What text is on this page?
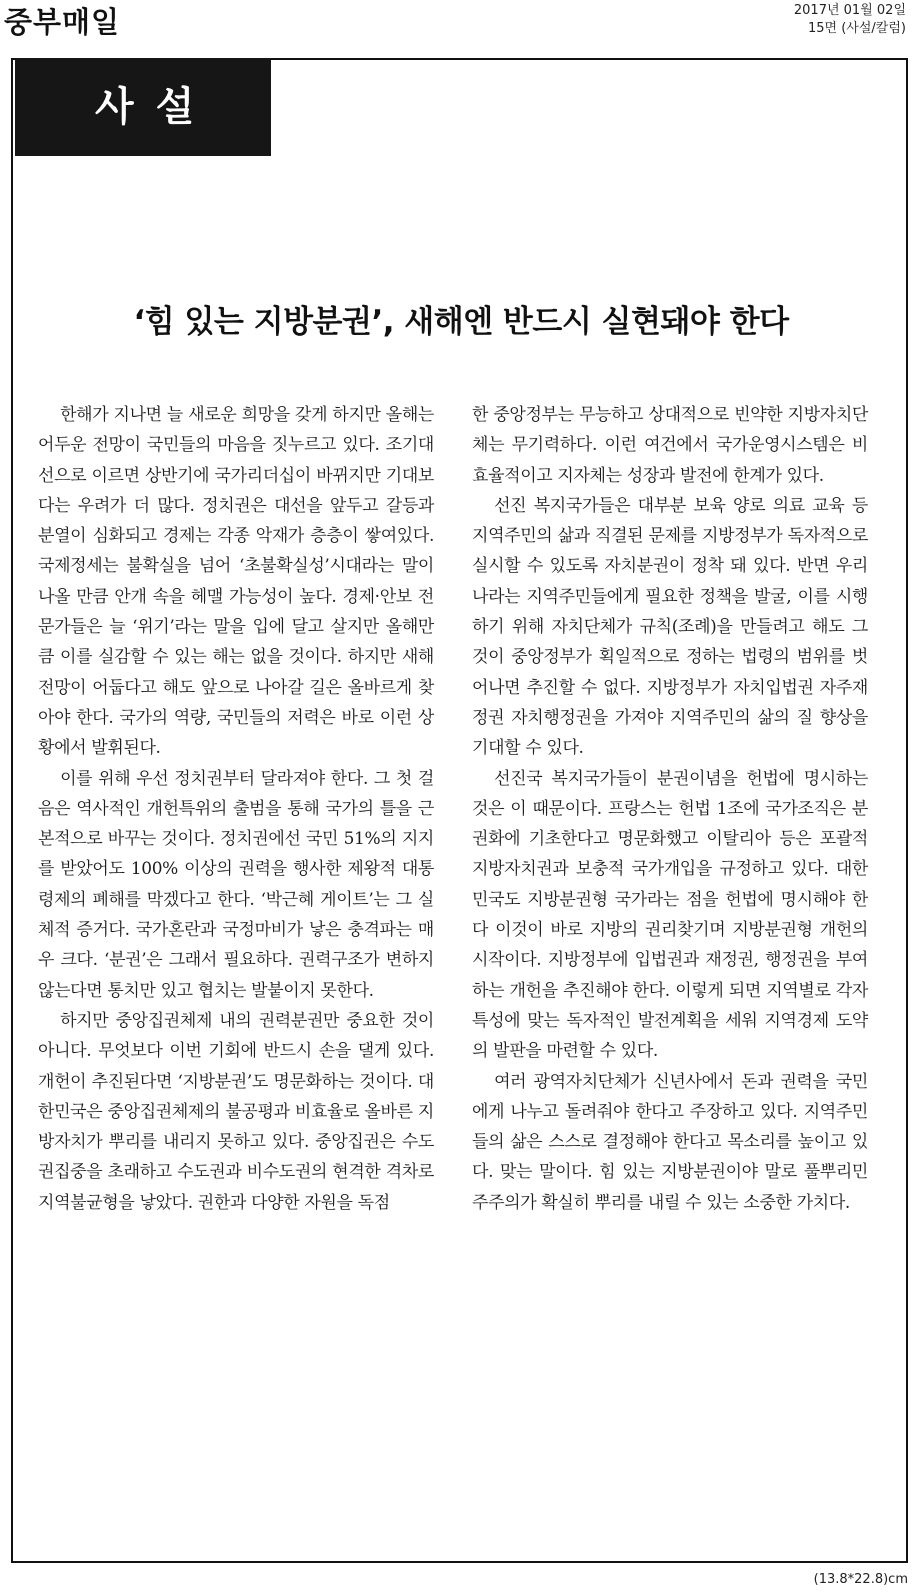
중부매일	2017년 01월 02일
15면 (사설/칼럼)
사설
‘힘 있는 지방분권’, 새해엔 반드시 실현돼야 한다

한해가 지나면 늘 새로운 희망을 갖게 하지만 올해는 어두운 전망이 국민들의 마음을 짓누르고 있다. 조기대선으로 이르면 상반기에 국가리더십이 바뀌지만 기대보다는 우려가 더 많다. 정치권은 대선을 앞두고 갈등과 분열이 심화되고 경제는 각종 악재가 층층이 쌓여있다. 국제정세는 불확실을 넘어 ‘초불확실성’시대라는 말이 나올 만큼 안개 속을 헤맬 가능성이 높다. 경제·안보 전문가들은 늘 ‘위기’라는 말을 입에 달고 살지만 올해만큼 이를 실감할 수 있는 해는 없을 것이다. 하지만 새해 전망이 어둡다고 해도 앞으로 나아갈 길은 올바르게 찾아야 한다. 국가의 역량, 국민들의 저력은 바로 이런 상황에서 발휘된다.

이를 위해 우선 정치권부터 달라져야 한다. 그 첫 걸음은 역사적인 개헌특위의 출범을 통해 국가의 틀을 근본적으로 바꾸는 것이다. 정치권에선 국민 51%의 지지를 받았어도 100% 이상의 권력을 행사한 제왕적 대통령제의 폐해를 막겠다고 한다. ‘박근혜 게이트’는 그 실체적 증거다. 국가혼란과 국정마비가 낳은 충격파는 매우 크다. ‘분권’은 그래서 필요하다. 권력구조가 변하지 않는다면 통치만 있고 협치는 발붙이지 못한다.

하지만 중앙집권체제 내의 권력분권만 중요한 것이 아니다. 무엇보다 이번 기회에 반드시 손을 댈게 있다. 개헌이 추진된다면 ‘지방분권’도 명문화하는 것이다. 대한민국은 중앙집권체제의 불공평과 비효율로 올바른 지방자치가 뿌리를 내리지 못하고 있다. 중앙집권은 수도권집중을 초래하고 수도권과 비수도권의 현격한 격차로 지역불균형을 낳았다. 권한과 다양한 자원을 독점

한 중앙정부는 무능하고 상대적으로 빈약한 지방자치단체는 무기력하다. 이런 여건에서 국가운영시스템은 비효율적이고 지자체는 성장과 발전에 한계가 있다.

선진 복지국가들은 대부분 보육 양로 의료 교육 등 지역주민의 삶과 직결된 문제를 지방정부가 독자적으로 실시할 수 있도록 자치분권이 정착 돼 있다. 반면 우리나라는 지역주민들에게 필요한 정책을 발굴, 이를 시행하기 위해 자치단체가 규칙(조례)을 만들려고 해도 그것이 중앙정부가 획일적으로 정하는 법령의 범위를 벗어나면 추진할 수 없다. 지방정부가 자치입법권 자주재정권 자치행정권을 가져야 지역주민의 삶의 질 향상을 기대할 수 있다.

선진국 복지국가들이 분권이념을 헌법에 명시하는 것은 이 때문이다. 프랑스는 헌법 1조에 국가조직은 분권화에 기초한다고 명문화했고 이탈리아 등은 포괄적 지방자치권과 보충적 국가개입을 규정하고 있다. 대한민국도 지방분권형 국가라는 점을 헌법에 명시해야 한다 이것이 바로 지방의 권리찾기며 지방분권형 개헌의 시작이다. 지방정부에 입법권과 재정권, 행정권을 부여하는 개헌을 추진해야 한다. 이렇게 되면 지역별로 각자 특성에 맞는 독자적인 발전계획을 세워 지역경제 도약의 발판을 마련할 수 있다.

여러 광역자치단체가 신년사에서 돈과 권력을 국민에게 나누고 돌려줘야 한다고 주장하고 있다. 지역주민들의 삶은 스스로 결정해야 한다고 목소리를 높이고 있다. 맞는 말이다. 힘 있는 지방분권이야 말로 풀뿌리민주주의가 확실히 뿌리를 내릴 수 있는 소중한 가치다.

(13.8*22.8)cm
